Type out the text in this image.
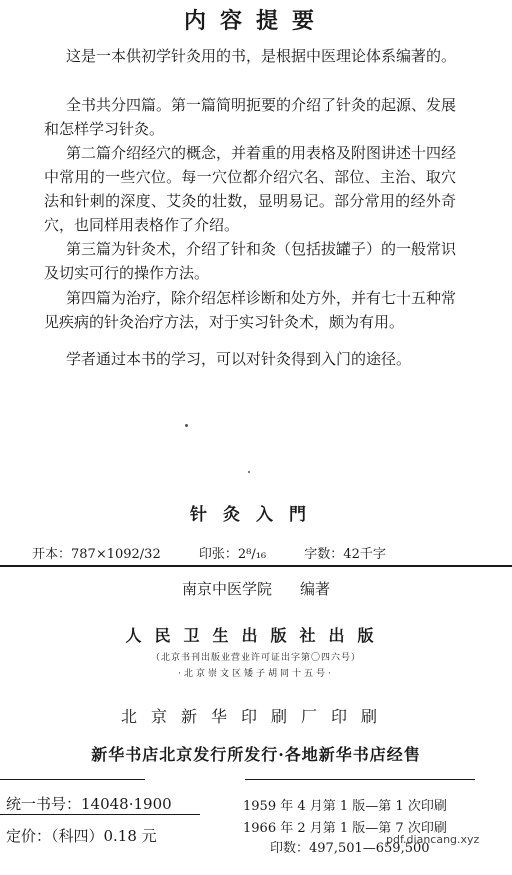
内容提要

这是一本供初学针灸用的书，是根据中医理论体系编著的。

全书共分四篇。第一篇简明扼要的介绍了针灸的起源、发展和怎样学习针灸。

第二篇介绍经穴的概念，并着重的用表格及附图讲述十四经中常用的一些穴位。每一穴位都介绍穴名、部位、主治、取穴法和针刺的深度、艾灸的壮数，显明易记。部分常用的经外奇穴，也同样用表格作了介绍。

第三篇为针灸术，介绍了针和灸（包括拔罐子）的一般常识及切实可行的操作方法。

第四篇为治疗，除介绍怎样诊断和处方外，并有七十五种常见疾病的针灸治疗方法，对于实习针灸术，颇为有用。

学者通过本书的学习，可以对针灸得到入门的途径。

针灸入門
开本：787×1092/32	印张：2⁸/₁₆	字数：42千字
南京中医学院 编著
人民卫生出版社出版
（北京书刊出版业营业许可证出字第〇四六号）
·北京崇文区矮子胡同十五号·
北京新华印刷厂印刷
新华书店北京发行所发行·各地新华书店经售
统一书号：14048·1900
定价：（科四）0.18 元
1959 年 4 月第 1 版—第 1 次印刷
1966 年 2 月第 1 版—第 7 次印刷
印数：497,501—659,500
pdf.diancang.xyz
